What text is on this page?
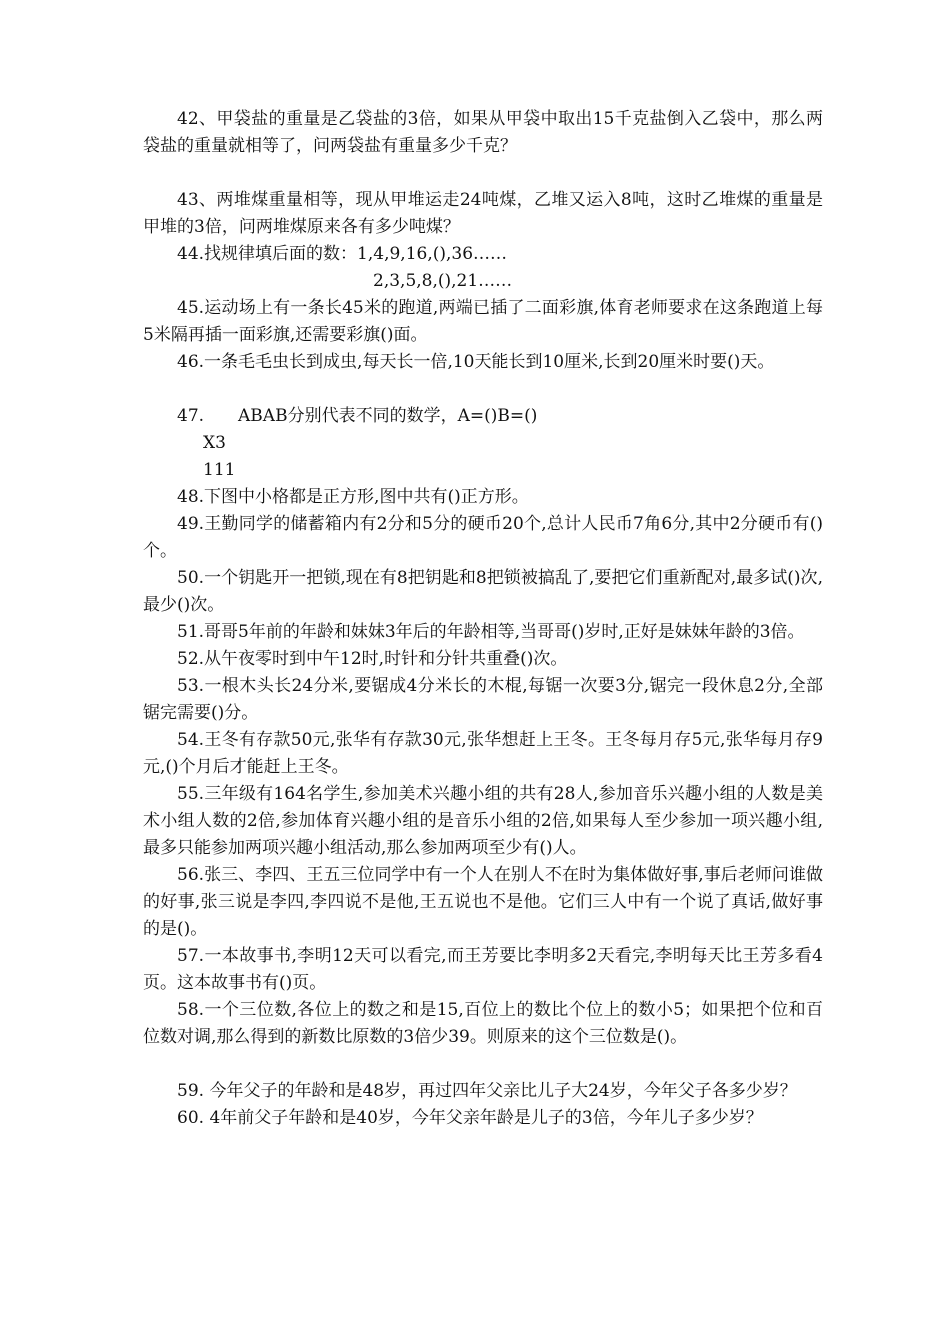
42、甲袋盐的重量是乙袋盐的3倍，如果从甲袋中取出15千克盐倒入乙袋中，那么两袋盐的重量就相等了，问两袋盐有重量多少千克？

43、两堆煤重量相等，现从甲堆运走24吨煤，乙堆又运入8吨，这时乙堆煤的重量是甲堆的3倍，问两堆煤原来各有多少吨煤？

44.找规律填后面的数：1,4,9,16,(),36……

2,3,5,8,(),21……

45.运动场上有一条长45米的跑道,两端已插了二面彩旗,体育老师要求在这条跑道上每5米隔再插一面彩旗,还需要彩旗()面。

46.一条毛毛虫长到成虫,每天长一倍,10天能长到10厘米,长到20厘米时要()天。

47.　　ABAB分别代表不同的数学，A=()B=()

X3

111

48.下图中小格都是正方形,图中共有()正方形。

49.王勤同学的储蓄箱内有2分和5分的硬币20个,总计人民币7角6分,其中2分硬币有()个。

50.一个钥匙开一把锁,现在有8把钥匙和8把锁被搞乱了,要把它们重新配对,最多试()次,最少()次。

51.哥哥5年前的年龄和妹妹3年后的年龄相等,当哥哥()岁时,正好是妹妹年龄的3倍。

52.从午夜零时到中午12时,时针和分针共重叠()次。

53.一根木头长24分米,要锯成4分米长的木棍,每锯一次要3分,锯完一段休息2分,全部锯完需要()分。

54.王冬有存款50元,张华有存款30元,张华想赶上王冬。王冬每月存5元,张华每月存9元,()个月后才能赶上王冬。

55.三年级有164名学生,参加美术兴趣小组的共有28人,参加音乐兴趣小组的人数是美术小组人数的2倍,参加体育兴趣小组的是音乐小组的2倍,如果每人至少参加一项兴趣小组,最多只能参加两项兴趣小组活动,那么参加两项至少有()人。

56.张三、李四、王五三位同学中有一个人在别人不在时为集体做好事,事后老师问谁做的好事,张三说是李四,李四说不是他,王五说也不是他。它们三人中有一个说了真话,做好事的是()。

57.一本故事书,李明12天可以看完,而王芳要比李明多2天看完,李明每天比王芳多看4页。这本故事书有()页。

58.一个三位数,各位上的数之和是15,百位上的数比个位上的数小5；如果把个位和百位数对调,那么得到的新数比原数的3倍少39。则原来的这个三位数是()。

59. 今年父子的年龄和是48岁，再过四年父亲比儿子大24岁，今年父子各多少岁？

60. 4年前父子年龄和是40岁，今年父亲年龄是儿子的3倍，今年儿子多少岁？
